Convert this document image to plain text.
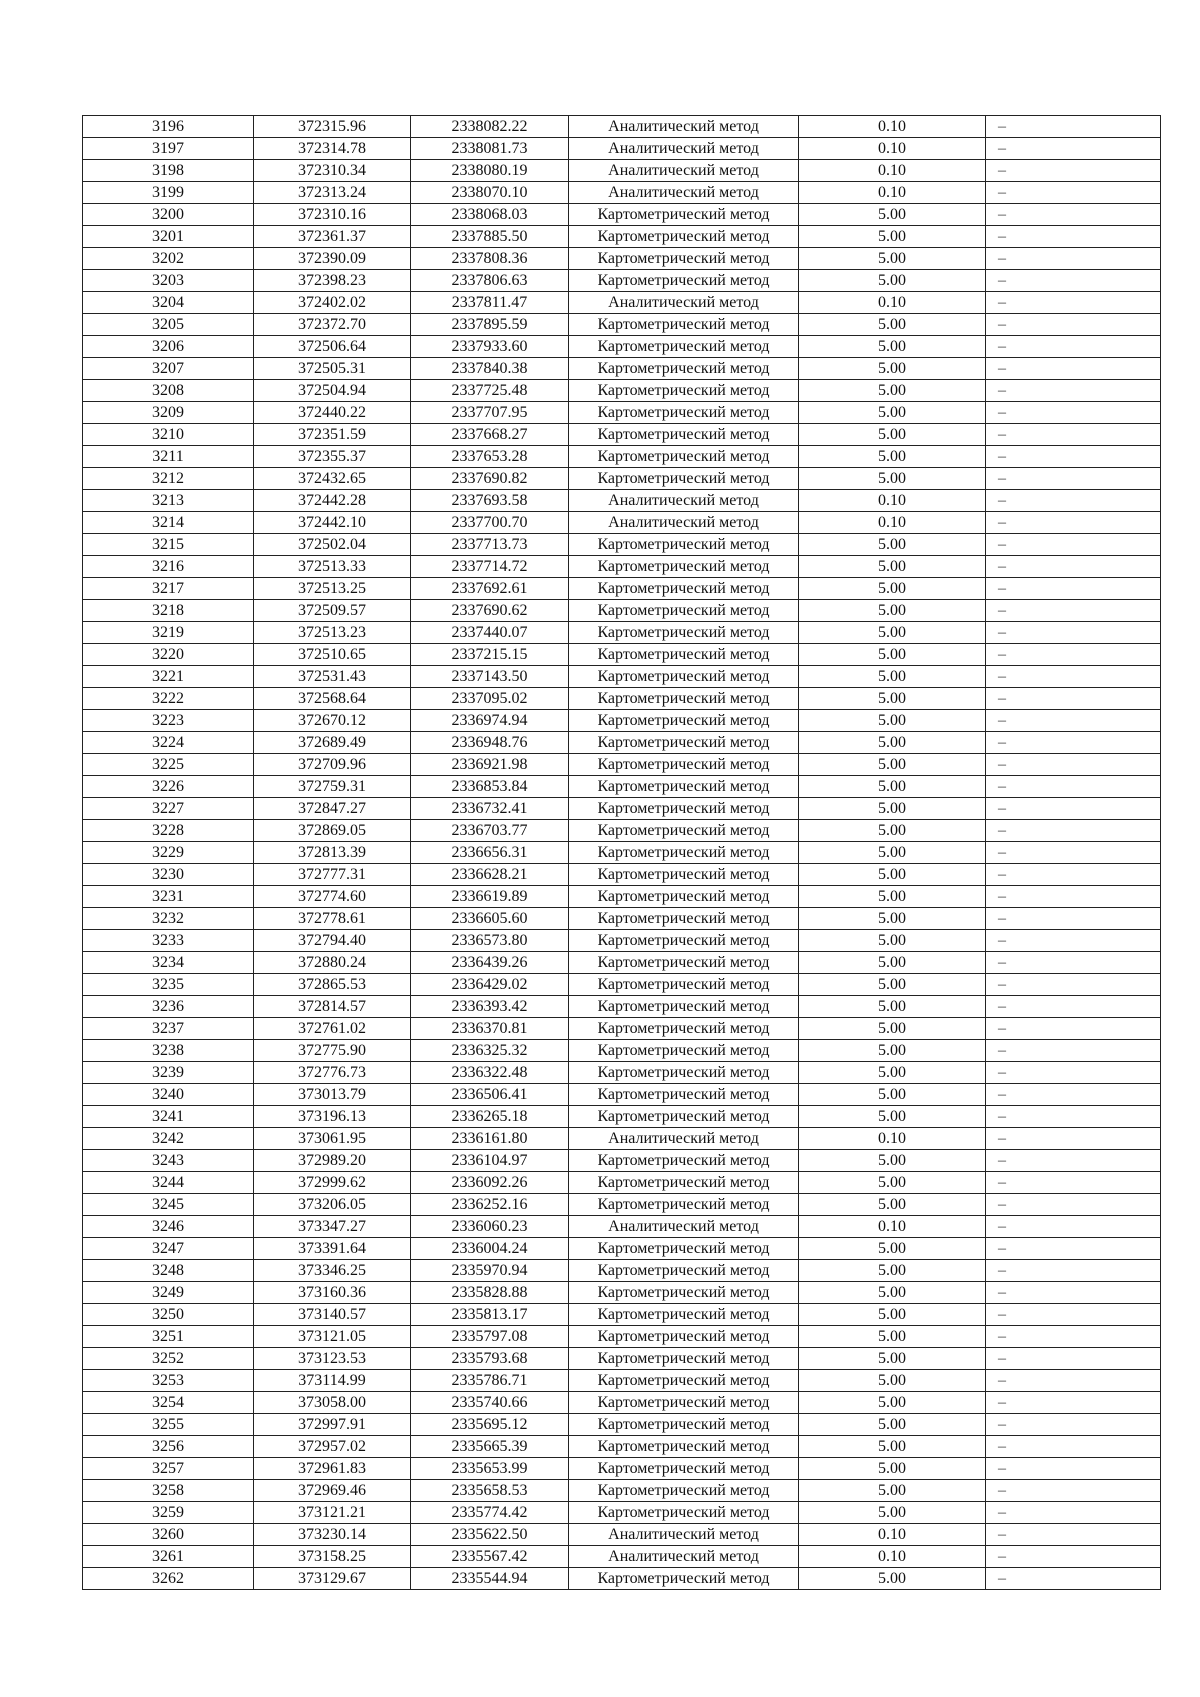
3196	372315.96	2338082.22	Аналитический метод	0.10	–
3197	372314.78	2338081.73	Аналитический метод	0.10	–
3198	372310.34	2338080.19	Аналитический метод	0.10	–
3199	372313.24	2338070.10	Аналитический метод	0.10	–
3200	372310.16	2338068.03	Картометрический метод	5.00	–
3201	372361.37	2337885.50	Картометрический метод	5.00	–
3202	372390.09	2337808.36	Картометрический метод	5.00	–
3203	372398.23	2337806.63	Картометрический метод	5.00	–
3204	372402.02	2337811.47	Аналитический метод	0.10	–
3205	372372.70	2337895.59	Картометрический метод	5.00	–
3206	372506.64	2337933.60	Картометрический метод	5.00	–
3207	372505.31	2337840.38	Картометрический метод	5.00	–
3208	372504.94	2337725.48	Картометрический метод	5.00	–
3209	372440.22	2337707.95	Картометрический метод	5.00	–
3210	372351.59	2337668.27	Картометрический метод	5.00	–
3211	372355.37	2337653.28	Картометрический метод	5.00	–
3212	372432.65	2337690.82	Картометрический метод	5.00	–
3213	372442.28	2337693.58	Аналитический метод	0.10	–
3214	372442.10	2337700.70	Аналитический метод	0.10	–
3215	372502.04	2337713.73	Картометрический метод	5.00	–
3216	372513.33	2337714.72	Картометрический метод	5.00	–
3217	372513.25	2337692.61	Картометрический метод	5.00	–
3218	372509.57	2337690.62	Картометрический метод	5.00	–
3219	372513.23	2337440.07	Картометрический метод	5.00	–
3220	372510.65	2337215.15	Картометрический метод	5.00	–
3221	372531.43	2337143.50	Картометрический метод	5.00	–
3222	372568.64	2337095.02	Картометрический метод	5.00	–
3223	372670.12	2336974.94	Картометрический метод	5.00	–
3224	372689.49	2336948.76	Картометрический метод	5.00	–
3225	372709.96	2336921.98	Картометрический метод	5.00	–
3226	372759.31	2336853.84	Картометрический метод	5.00	–
3227	372847.27	2336732.41	Картометрический метод	5.00	–
3228	372869.05	2336703.77	Картометрический метод	5.00	–
3229	372813.39	2336656.31	Картометрический метод	5.00	–
3230	372777.31	2336628.21	Картометрический метод	5.00	–
3231	372774.60	2336619.89	Картометрический метод	5.00	–
3232	372778.61	2336605.60	Картометрический метод	5.00	–
3233	372794.40	2336573.80	Картометрический метод	5.00	–
3234	372880.24	2336439.26	Картометрический метод	5.00	–
3235	372865.53	2336429.02	Картометрический метод	5.00	–
3236	372814.57	2336393.42	Картометрический метод	5.00	–
3237	372761.02	2336370.81	Картометрический метод	5.00	–
3238	372775.90	2336325.32	Картометрический метод	5.00	–
3239	372776.73	2336322.48	Картометрический метод	5.00	–
3240	373013.79	2336506.41	Картометрический метод	5.00	–
3241	373196.13	2336265.18	Картометрический метод	5.00	–
3242	373061.95	2336161.80	Аналитический метод	0.10	–
3243	372989.20	2336104.97	Картометрический метод	5.00	–
3244	372999.62	2336092.26	Картометрический метод	5.00	–
3245	373206.05	2336252.16	Картометрический метод	5.00	–
3246	373347.27	2336060.23	Аналитический метод	0.10	–
3247	373391.64	2336004.24	Картометрический метод	5.00	–
3248	373346.25	2335970.94	Картометрический метод	5.00	–
3249	373160.36	2335828.88	Картометрический метод	5.00	–
3250	373140.57	2335813.17	Картометрический метод	5.00	–
3251	373121.05	2335797.08	Картометрический метод	5.00	–
3252	373123.53	2335793.68	Картометрический метод	5.00	–
3253	373114.99	2335786.71	Картометрический метод	5.00	–
3254	373058.00	2335740.66	Картометрический метод	5.00	–
3255	372997.91	2335695.12	Картометрический метод	5.00	–
3256	372957.02	2335665.39	Картометрический метод	5.00	–
3257	372961.83	2335653.99	Картометрический метод	5.00	–
3258	372969.46	2335658.53	Картометрический метод	5.00	–
3259	373121.21	2335774.42	Картометрический метод	5.00	–
3260	373230.14	2335622.50	Аналитический метод	0.10	–
3261	373158.25	2335567.42	Аналитический метод	0.10	–
3262	373129.67	2335544.94	Картометрический метод	5.00	–
